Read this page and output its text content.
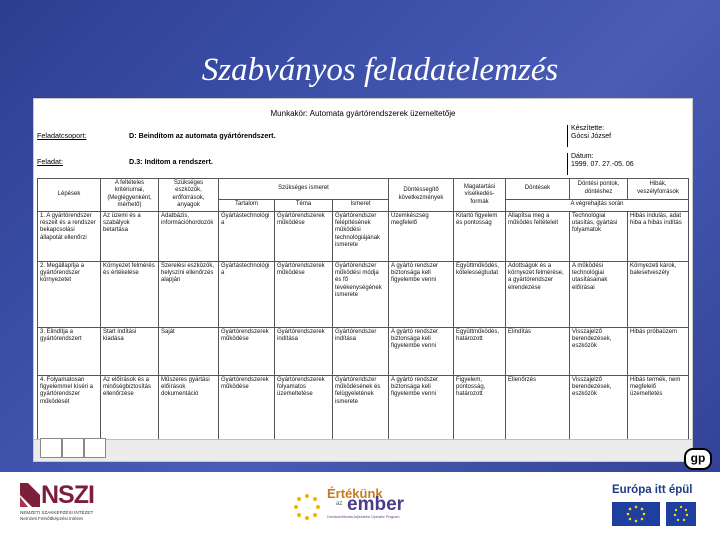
Szabványos feladatelemzés
Munkakör: Automata gyártórendszerek üzemeltetője
Feladatcsoport:	D: Beindítom az automata gyártórendszert.
Feladat:	D.3: Indítom a rendszert.
Készítette:
Gócsi József
Dátum:
1999. 07. 27.-05. 06
Lépések	A feltételes kritériumai, (Meglégyenként, mérhető)	Szükséges eszközök, erőforrások, anyagok	Szükséges ismeret			Döntéssegítő következmények	Magatartási viselkedés-formák	Döntések	Döntési pontok, döntéshez	Hibák, veszélyforrások
			Tartalom	Téma	Ismeret			A végrehajtás során		
1. A gyártórendszer részeit és a rendszer bekapcsolási állapotát ellenőrzi	Az üzemi és a szabályok betartása	Adatbázis, információhordozók	Gyártástechnológia	Gyártórendszerek működése	Gyártórendszer felépítésének mûködési technológiájának ismerete	Üzemkészség megfelelő	Kitartó figyelem és pontosság	Állapítsa meg a működés feltételeit	Technológiai utasítás, gyártási folyamatok	Hibás indulás, adat hiba a hibás indítás
2. Megállapítja a gyártórendszer környezetet	Környezet felmérés és értékelése	Szerelési eszközök, helyszíni ellenőrzés alapján	Gyártástechnológia	Gyártórendszerek működése	Gyártórendszer működési módja és fő tevékenységének ismerete	A gyártó rendszer biztonsága kell figyelembe venni	Együttműködés, kötelességtudat	Adottságok és a környezet felmérése, a gyártórendszer elrendezése	A működési technológiai utasításainak előírásai	Környezeti károk, balesetveszély
3. Elindítja a gyártórendszert	Start indítási kiadása	Saját	Gyártórendszerek működése	Gyártórendszerek indítása	Gyártórendszer indítása	A gyártó rendszer biztonsága kell figyelembe venni	Együttműködés, határozott	Elindítás	Visszajelző berendezések, eszközök	Hibás próbaüzem
4. Folyamatosan figyelemmel kíséri a gyártórendszer működését	Az előírások és a minőségbiztosítás ellenőrzése	Műszeres gyártási előírások dokumentáció	Gyártórendszerek működése	Gyártórendszerek folyamatos üzemeltetése	Gyártórendszer működésének és felügyeletének ismerete	A gyártó rendszer biztonsága kell figyelembe venni	Figyelem, pontosság, határozott	Ellenőrzés	Visszajelző berendezések, eszközök	Hibás termék, nem megfelelő üzemeltetés
gp
NSZI
NEMZETI SZAKKÉPZÉSI INTÉZET
Nemzeti Felnőttképzési Intézet
Értékünk
az ember
Humánerőforrás-fejlesztési Operatív Program
Európa itt épül
